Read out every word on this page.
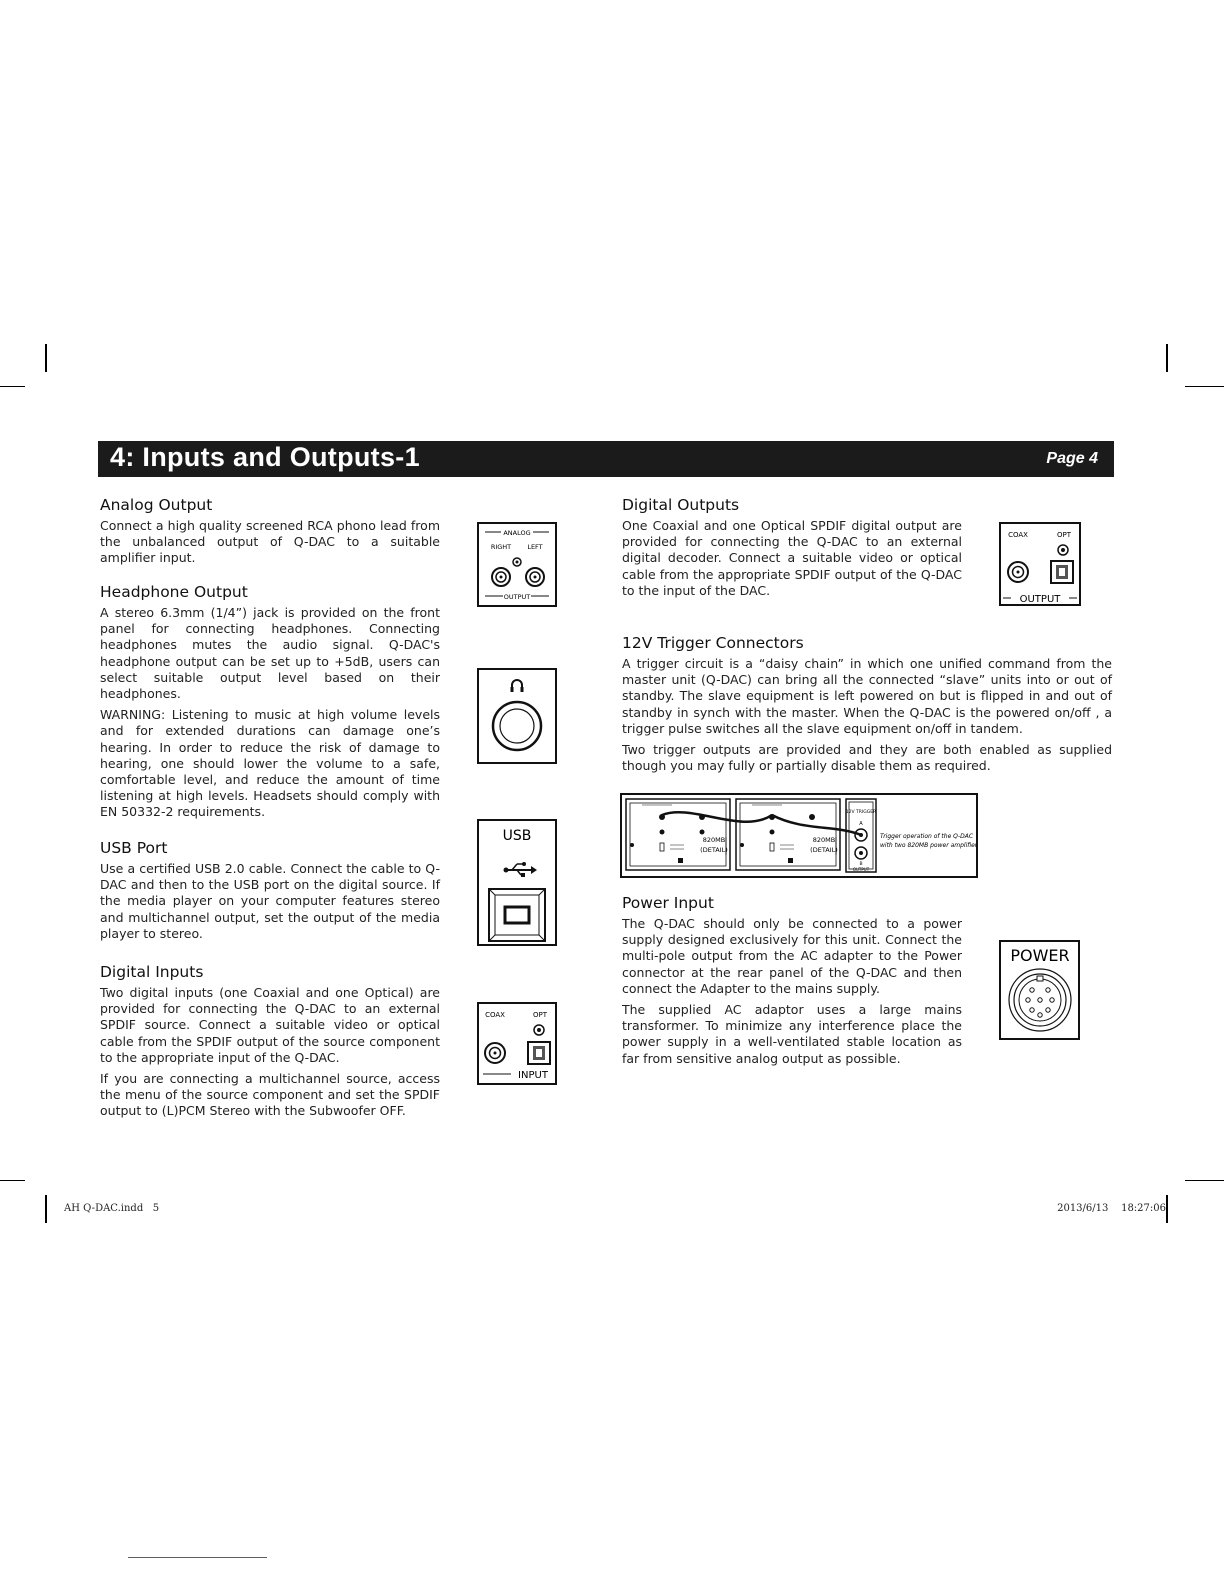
4: Inputs and Outputs-1	Page 4
Analog Output

Connect a high quality screened RCA phono lead from the unbalanced output of Q-DAC to a suitable amplifier input.

Headphone Output

A stereo 6.3mm (1/4”) jack is provided on the front panel for connecting headphones. Connecting headphones mutes the audio signal. Q-DAC's headphone output can be set up to +5dB, users can select suitable output level based on their headphones.

WARNING: Listening to music at high volume levels and for extended durations can damage one’s hearing. In order to reduce the risk of damage to hearing, one should lower the volume to a safe, comfortable level, and reduce the amount of time listening at high levels. Headsets should comply with EN 50332-2 requirements.

USB Port

Use a certified USB 2.0 cable. Connect the cable to Q-DAC and then to the USB port on the digital source. If the media player on your computer features stereo and multichannel output, set the output of the media player to stereo.

Digital Inputs

Two digital inputs (one Coaxial and one Optical) are provided for connecting the Q-DAC to an external SPDIF source. Connect a suitable video or optical cable from the SPDIF output of the source component to the appropriate input of the Q-DAC.

If you are connecting a multichannel source, access the menu of the source component and set the SPDIF output to (L)PCM Stereo with the Subwoofer OFF.

ANALOG
RIGHT LEFT
OUTPUT
USB
COAX	OPT
INPUT
Digital Outputs

One Coaxial and one Optical SPDIF digital output are provided for connecting the Q-DAC to an external digital decoder. Connect a suitable video or optical cable from the appropriate SPDIF output of the Q-DAC to the input of the DAC.

12V Trigger Connectors

A trigger circuit is a “daisy chain” in which one unified command from the master unit (Q-DAC) can bring all the connected “slave” units into or out of standby. The slave equipment is left powered on but is flipped in and out of standby in synch with the master. When the Q-DAC is the powered on/off , a trigger pulse switches all the slave equipment on/off in tandem.

Two trigger outputs are provided and they are both enabled as supplied though you may fully or partially disable them as required.

Power Input

The Q-DAC should only be connected to a power supply designed exclusively for this unit. Connect the multi-pole output from the AC adapter to the Power connector at the rear panel of the Q-DAC and then connect the Adapter to the mains supply.

The supplied AC adaptor uses a large mains transformer. To minimize any interference place the power supply in a well-ventilated stable location as far from sensitive analog output as possible.

COAX	OPT
OUTPUT
820MB
(DETAIL)
820MB
(DETAIL)
12V TRIGGER
A
B
OUTPUT
Trigger operation of the Q-DAC
with two 820MB power amplifiers
POWER
AH Q-DAC.indd   5	2013/6/13    18:27:06
